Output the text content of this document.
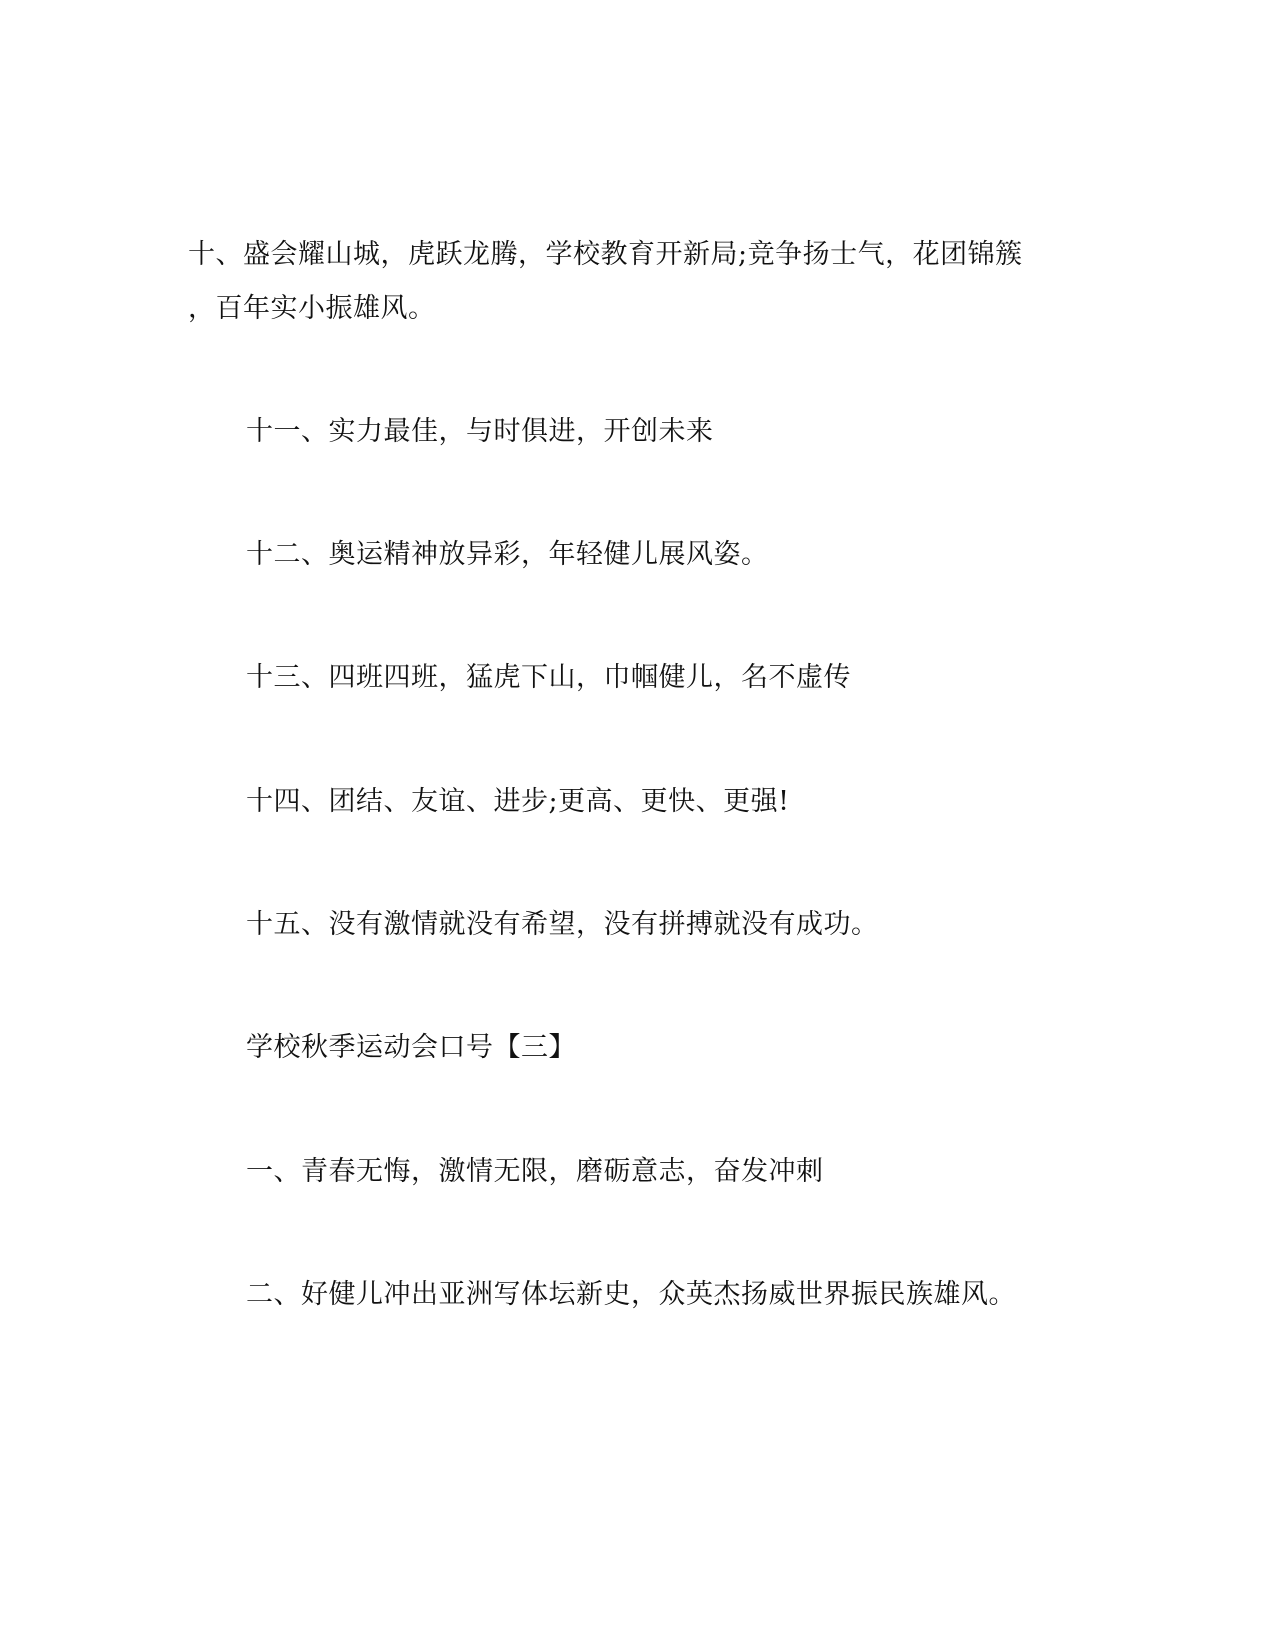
十、盛会耀山城，虎跃龙腾，学校教育开新局;竞争扬士气，花团锦簇
，百年实小振雄风。
十一、实力最佳，与时俱进，开创未来
十二、奥运精神放异彩，年轻健儿展风姿。
十三、四班四班，猛虎下山，巾帼健儿，名不虚传
十四、团结、友谊、进步;更高、更快、更强!
十五、没有激情就没有希望，没有拼搏就没有成功。
学校秋季运动会口号【三】
一、青春无悔，激情无限，磨砺意志，奋发冲刺
二、好健儿冲出亚洲写体坛新史，众英杰扬威世界振民族雄风。
